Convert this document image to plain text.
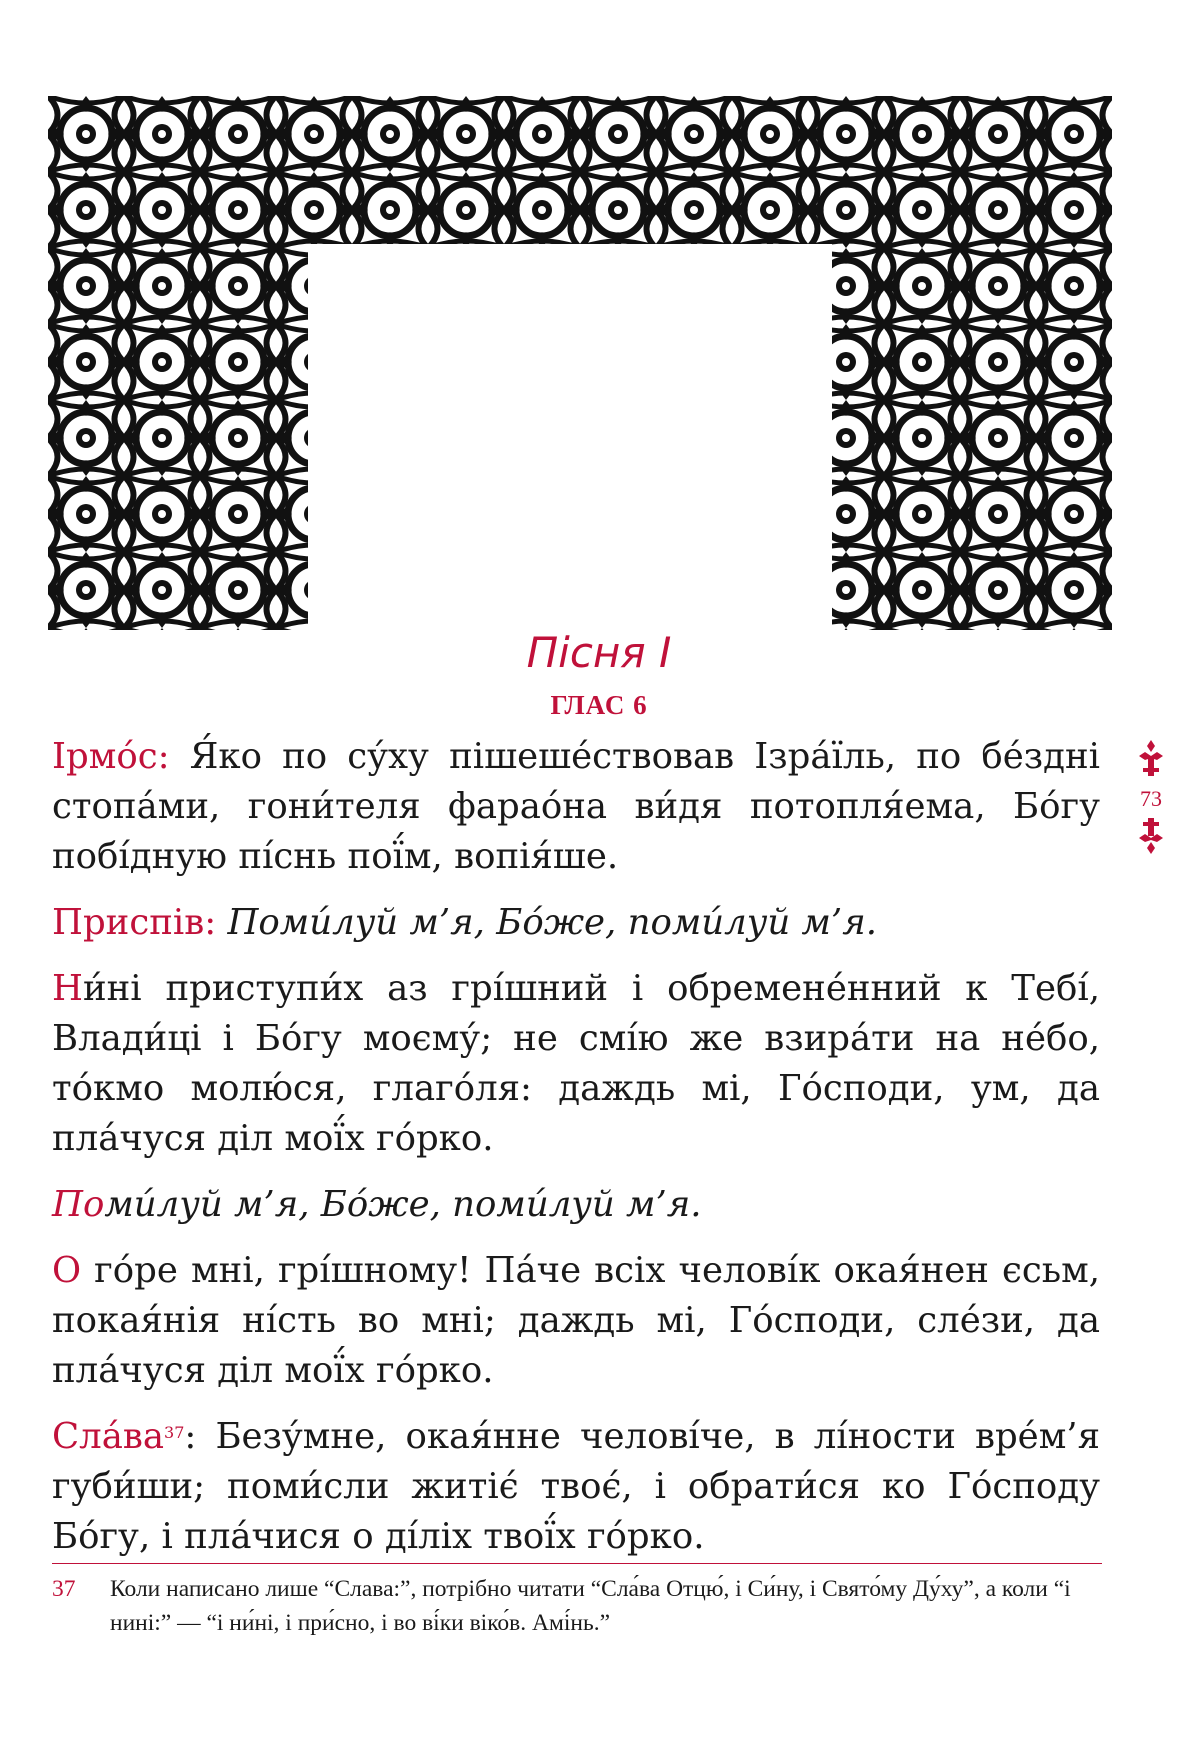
Пісня І
ГЛАС 6

Ірмо́с: Я́ко по су́ху пішеше́ствовав Ізра́їль, по бе́здні стопа́ми, гони́теля фарао́на ви́дя потопля́ема, Бо́гу побі́дную пі́снь пої́м, вопія́ше.

Приспів: Поми́луй м’я, Бо́же, поми́луй м’я.

Ни́ні приступи́х аз грі́шний і обремене́нний к Тебі́, Влади́ці і Бо́гу моєму́; не смі́ю же взира́ти на не́бо, то́кмо молю́ся, глаго́ля: даждь мі, Го́споди, ум, да пла́чуся діл мої́х го́рко.

Поми́луй м’я, Бо́же, поми́луй м’я.

О го́ре мні, грі́шному! Па́че всіх челові́к окая́нен єсьм, покая́нія ні́сть во мні; даждь мі, Го́споди, сле́зи, да пла́чуся діл мої́х го́рко.

$Сла́ва^{37}$: Безу́мне, окая́нне челові́че, в лі́ности вре́м’я губи́ши; поми́сли житіє́ твоє́, і обрати́ся ко Го́споду Бо́гу, і пла́чися о ді́ліх твої́х го́рко.

73
37 Коли написано лише “Слава:”, потрібно читати “Сла́ва Отцю́, і Си́ну, і Свято́му Ду́ху”, а коли “і нині:” — “і ни́ні, і при́сно, і во ві́ки віко́в. Амі́нь.”
